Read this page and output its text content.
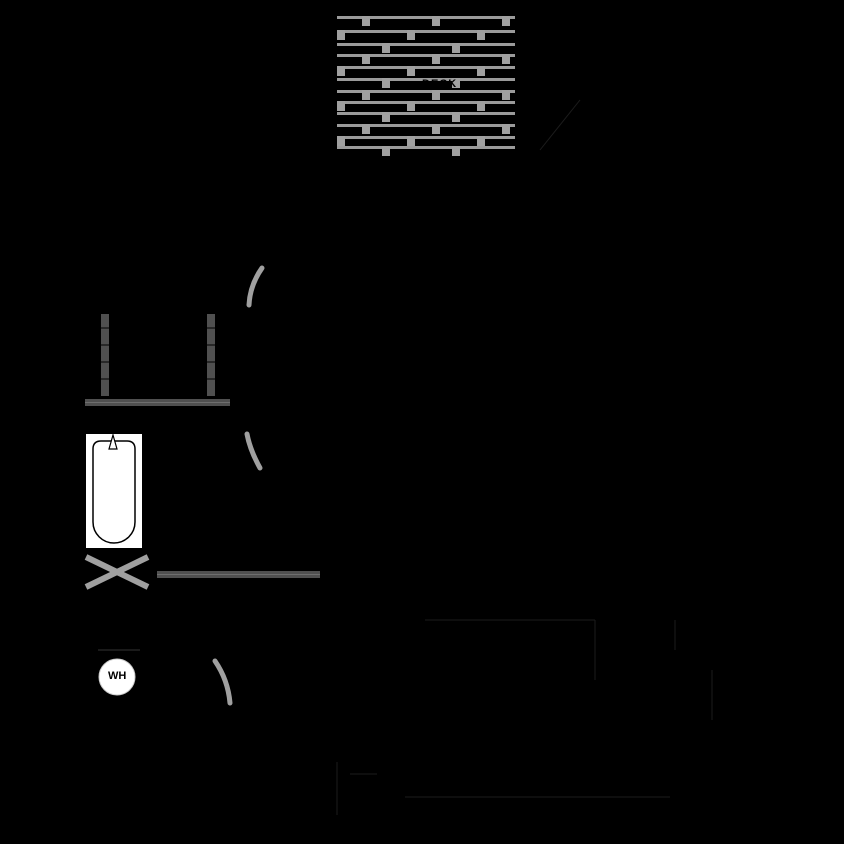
DECK
WH
